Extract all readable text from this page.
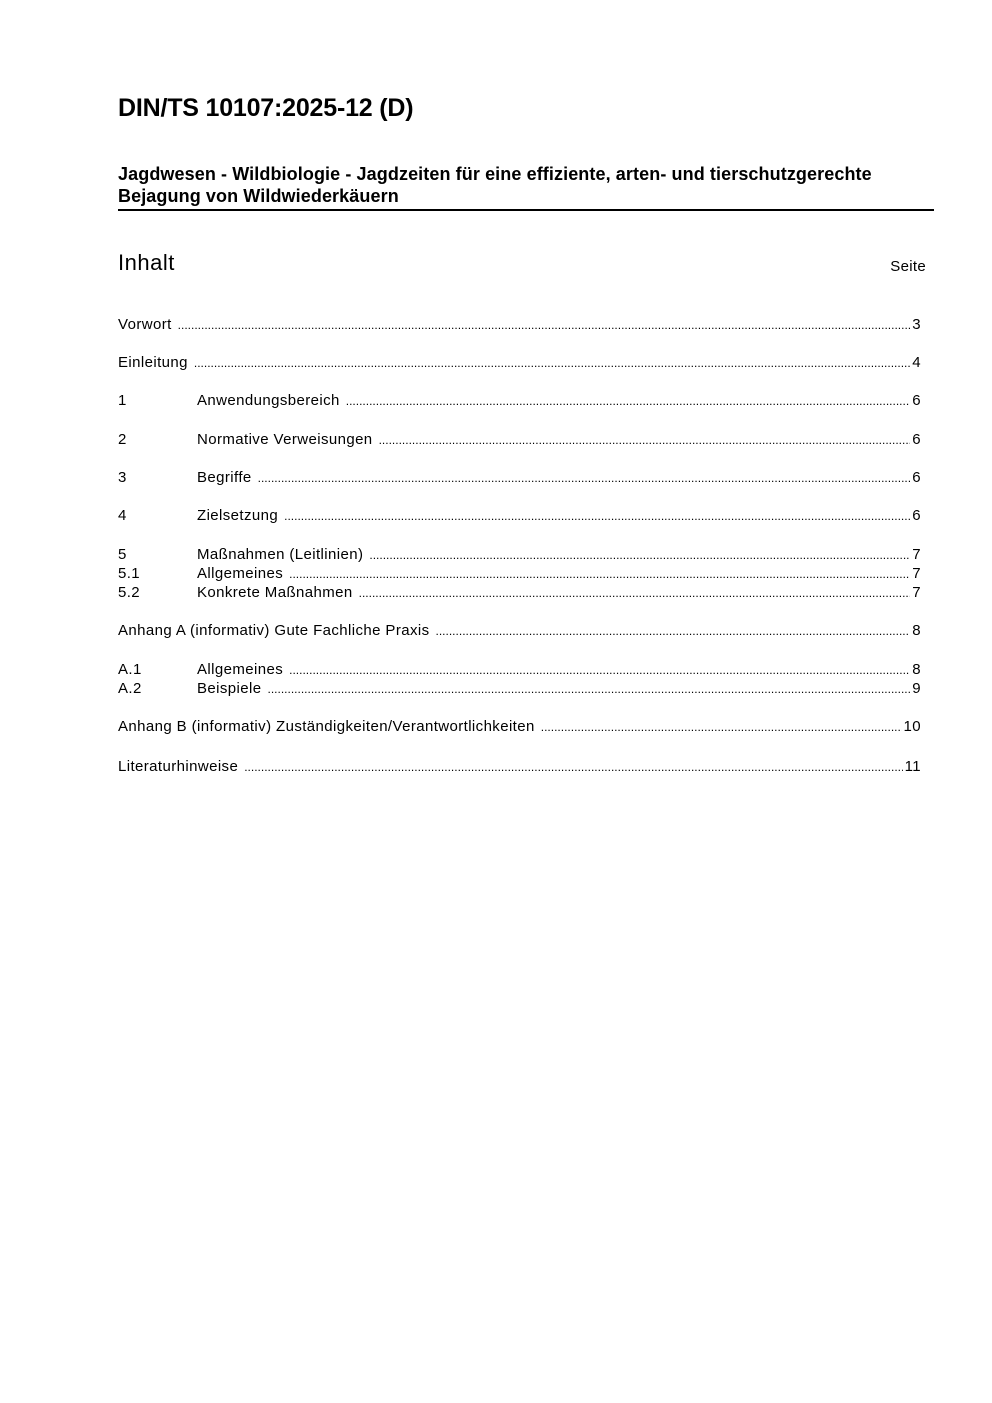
DIN/TS 10107:2025-12 (D)
Jagdwesen - Wildbiologie - Jagdzeiten für eine effiziente, arten- und tierschutzgerechte Bejagung von Wildwiederkäuern
Inhalt	Seite
Vorwort .....	3
Einleitung .....	4
1	Anwendungsbereich .....	6
2	Normative Verweisungen .....	6
3	Begriffe .....	6
4	Zielsetzung .....	6
5	Maßnahmen (Leitlinien) .....	7
5.1	Allgemeines .....	7
5.2	Konkrete Maßnahmen .....	7
Anhang A (informativ) Gute Fachliche Praxis .....	8
A.1	Allgemeines .....	8
A.2	Beispiele .....	9
Anhang B (informativ) Zuständigkeiten/Verantwortlichkeiten .....	10
Literaturhinweise .....	11
